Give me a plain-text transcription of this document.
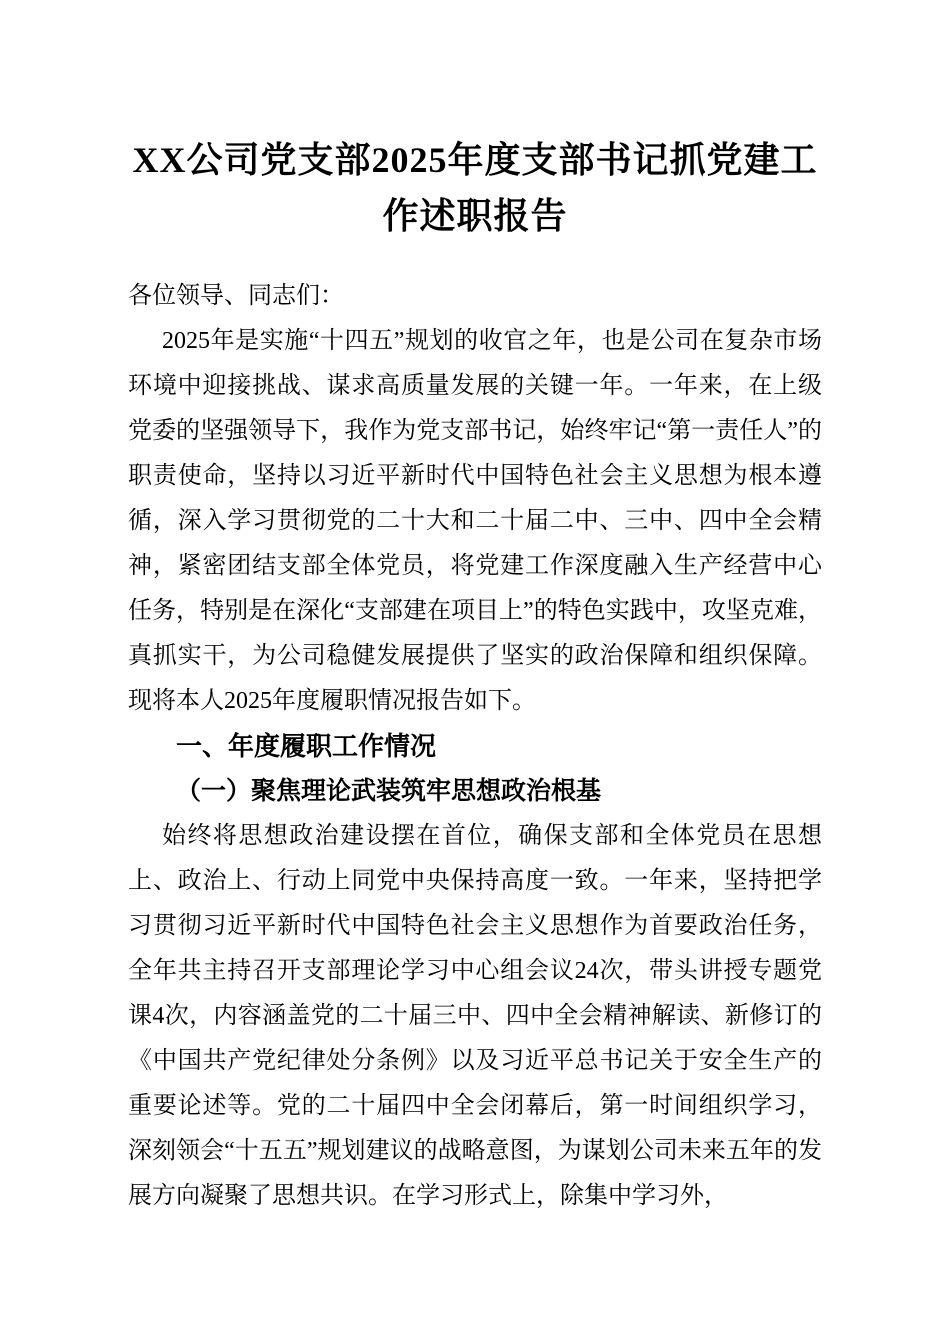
XX公司党支部2025年度支部书记抓党建工作述职报告

各位领导、同志们：

2025年是实施“十四五”规划的收官之年，也是公司在复杂市场环境中迎接挑战、谋求高质量发展的关键一年。一年来，在上级党委的坚强领导下，我作为党支部书记，始终牢记“第一责任人”的职责使命，坚持以习近平新时代中国特色社会主义思想为根本遵循，深入学习贯彻党的二十大和二十届二中、三中、四中全会精神，紧密团结支部全体党员，将党建工作深度融入生产经营中心任务，特别是在深化“支部建在项目上”的特色实践中，攻坚克难，真抓实干，为公司稳健发展提供了坚实的政治保障和组织保障。现将本人2025年度履职情况报告如下。

一、年度履职工作情况

（一）聚焦理论武装筑牢思想政治根基

始终将思想政治建设摆在首位，确保支部和全体党员在思想上、政治上、行动上同党中央保持高度一致。一年来，坚持把学习贯彻习近平新时代中国特色社会主义思想作为首要政治任务，全年共主持召开支部理论学习中心组会议24次，带头讲授专题党课4次，内容涵盖党的二十届三中、四中全会精神解读、新修订的《中国共产党纪律处分条例》以及习近平总书记关于安全生产的重要论述等。党的二十届四中全会闭幕后，第一时间组织学习，深刻领会“十五五”规划建议的战略意图，为谋划公司未来五年的发展方向凝聚了思想共识。在学习形式上，除集中学习外，
